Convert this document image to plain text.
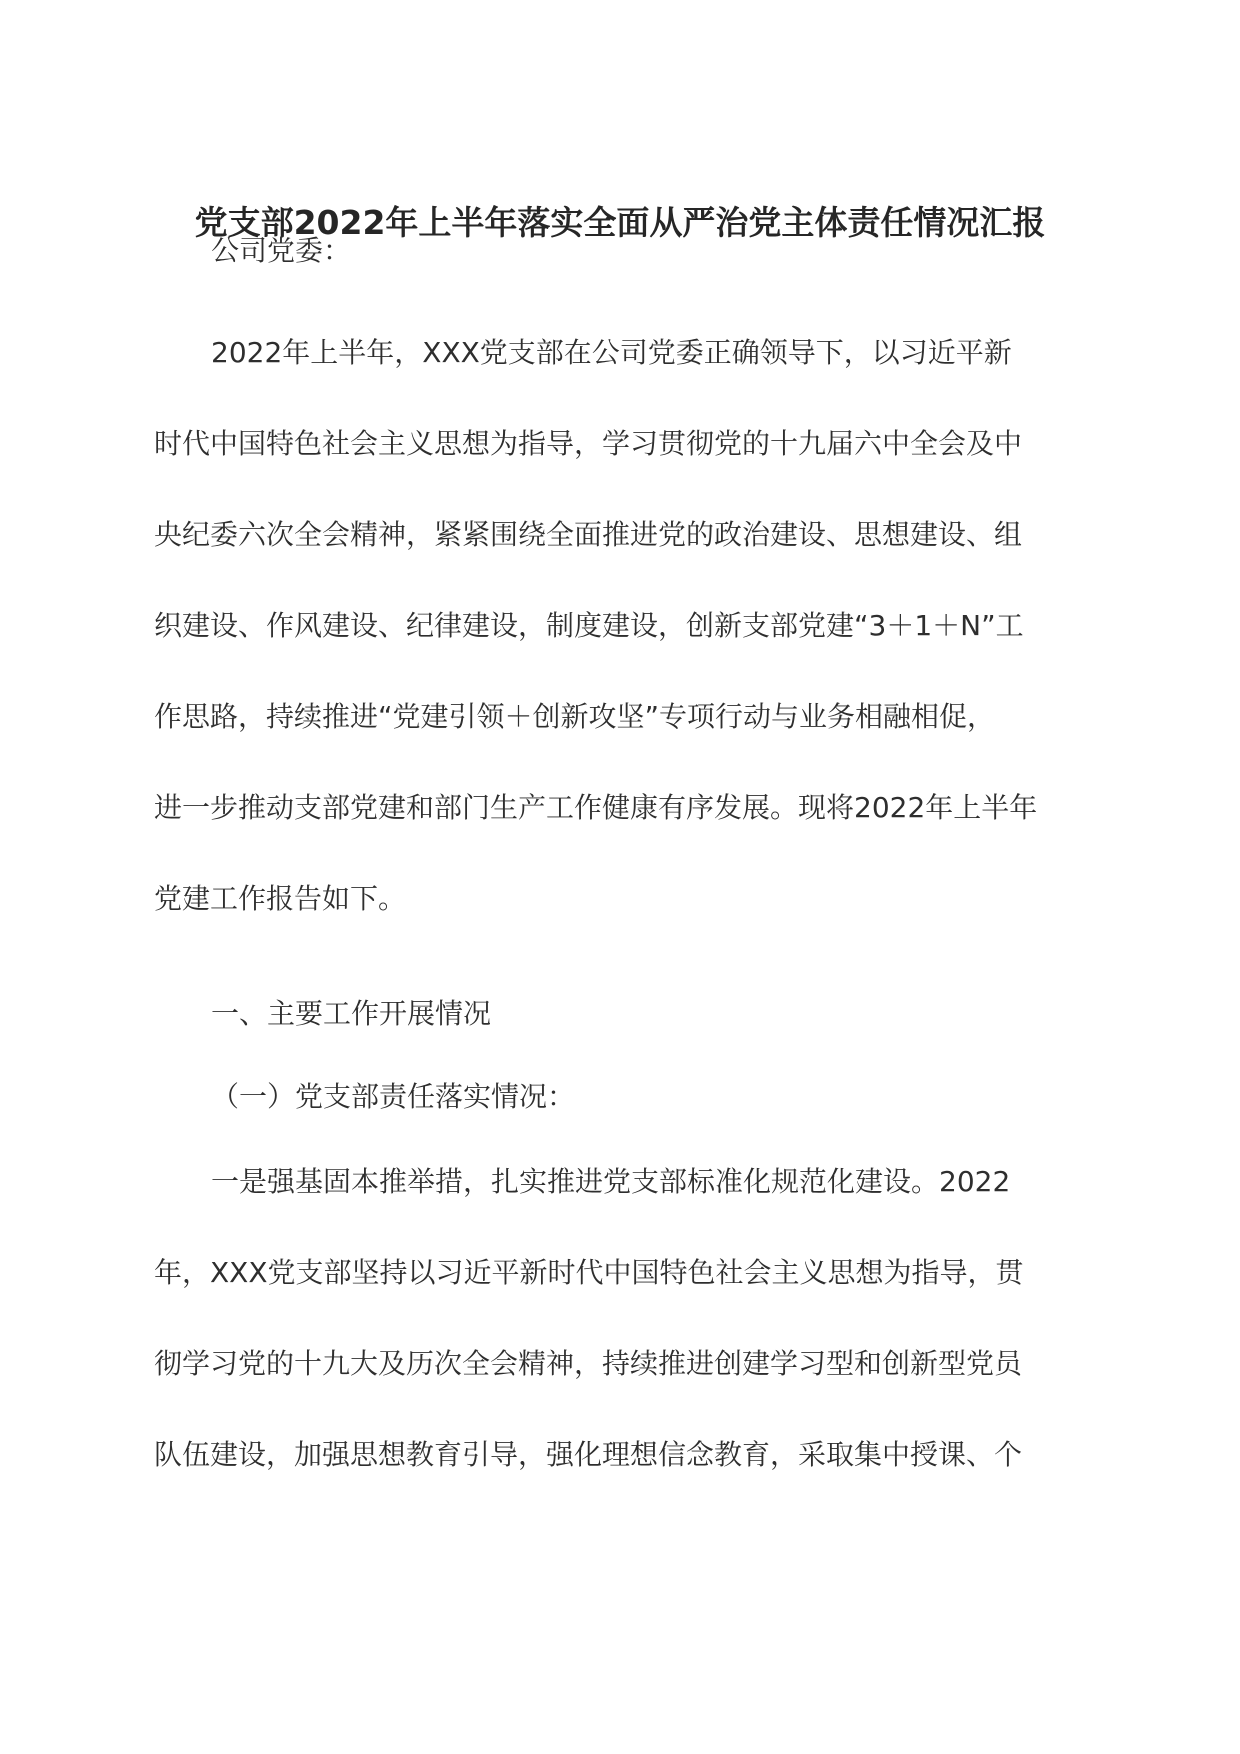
党支部2022年上半年落实全面从严治党主体责任情况汇报
公司党委：
2022年上半年，XXX党支部在公司党委正确领导下，以习近平新
时代中国特色社会主义思想为指导，学习贯彻党的十九届六中全会及中
央纪委六次全会精神，紧紧围绕全面推进党的政治建设、思想建设、组
织建设、作风建设、纪律建设，制度建设，创新支部党建“3＋1＋N”工
作思路，持续推进“党建引领＋创新攻坚”专项行动与业务相融相促，
进一步推动支部党建和部门生产工作健康有序发展。现将2022年上半年
党建工作报告如下。
一、主要工作开展情况
（一）党支部责任落实情况：
一是强基固本推举措，扎实推进党支部标准化规范化建设。2022
年，XXX党支部坚持以习近平新时代中国特色社会主义思想为指导，贯
彻学习党的十九大及历次全会精神，持续推进创建学习型和创新型党员
队伍建设，加强思想教育引导，强化理想信念教育，采取集中授课、个
